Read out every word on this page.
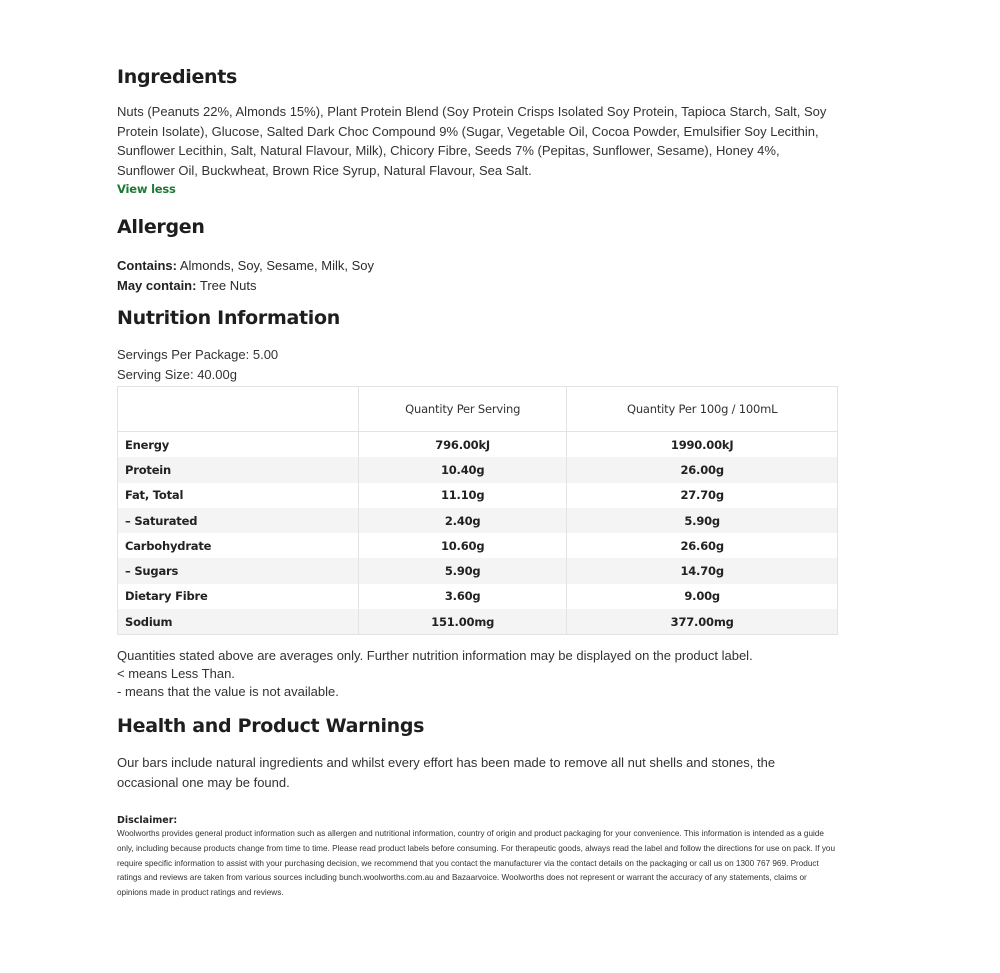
Ingredients

Nuts (Peanuts 22%, Almonds 15%), Plant Protein Blend (Soy Protein Crisps Isolated Soy Protein, Tapioca Starch, Salt, Soy Protein Isolate), Glucose, Salted Dark Choc Compound 9% (Sugar, Vegetable Oil, Cocoa Powder, Emulsifier Soy Lecithin, Sunflower Lecithin, Salt, Natural Flavour, Milk), Chicory Fibre, Seeds 7% (Pepitas, Sunflower, Sesame), Honey 4%, Sunflower Oil, Buckwheat, Brown Rice Syrup, Natural Flavour, Sea Salt.

View less
Allergen
Contains: Almonds, Soy, Sesame, Milk, Soy
May contain: Tree Nuts
Nutrition Information

Servings Per Package: 5.00

Serving Size: 40.00g

	Quantity Per Serving	Quantity Per 100g / 100mL
Energy	796.00kJ	1990.00kJ
Protein	10.40g	26.00g
Fat, Total	11.10g	27.70g
– Saturated	2.40g	5.90g
Carbohydrate	10.60g	26.60g
– Sugars	5.90g	14.70g
Dietary Fibre	3.60g	9.00g
Sodium	151.00mg	377.00mg

Quantities stated above are averages only. Further nutrition information may be displayed on the product label.

< means Less Than.

- means that the value is not available.

Health and Product Warnings

Our bars include natural ingredients and whilst every effort has been made to remove all nut shells and stones, the occasional one may be found.

Disclaimer:

Woolworths provides general product information such as allergen and nutritional information, country of origin and product packaging for your convenience. This information is intended as a guide only, including because products change from time to time. Please read product labels before consuming. For therapeutic goods, always read the label and follow the directions for use on pack. If you require specific information to assist with your purchasing decision, we recommend that you contact the manufacturer via the contact details on the packaging or call us on 1300 767 969. Product ratings and reviews are taken from various sources including bunch.woolworths.com.au and Bazaarvoice. Woolworths does not represent or warrant the accuracy of any statements, claims or opinions made in product ratings and reviews.
